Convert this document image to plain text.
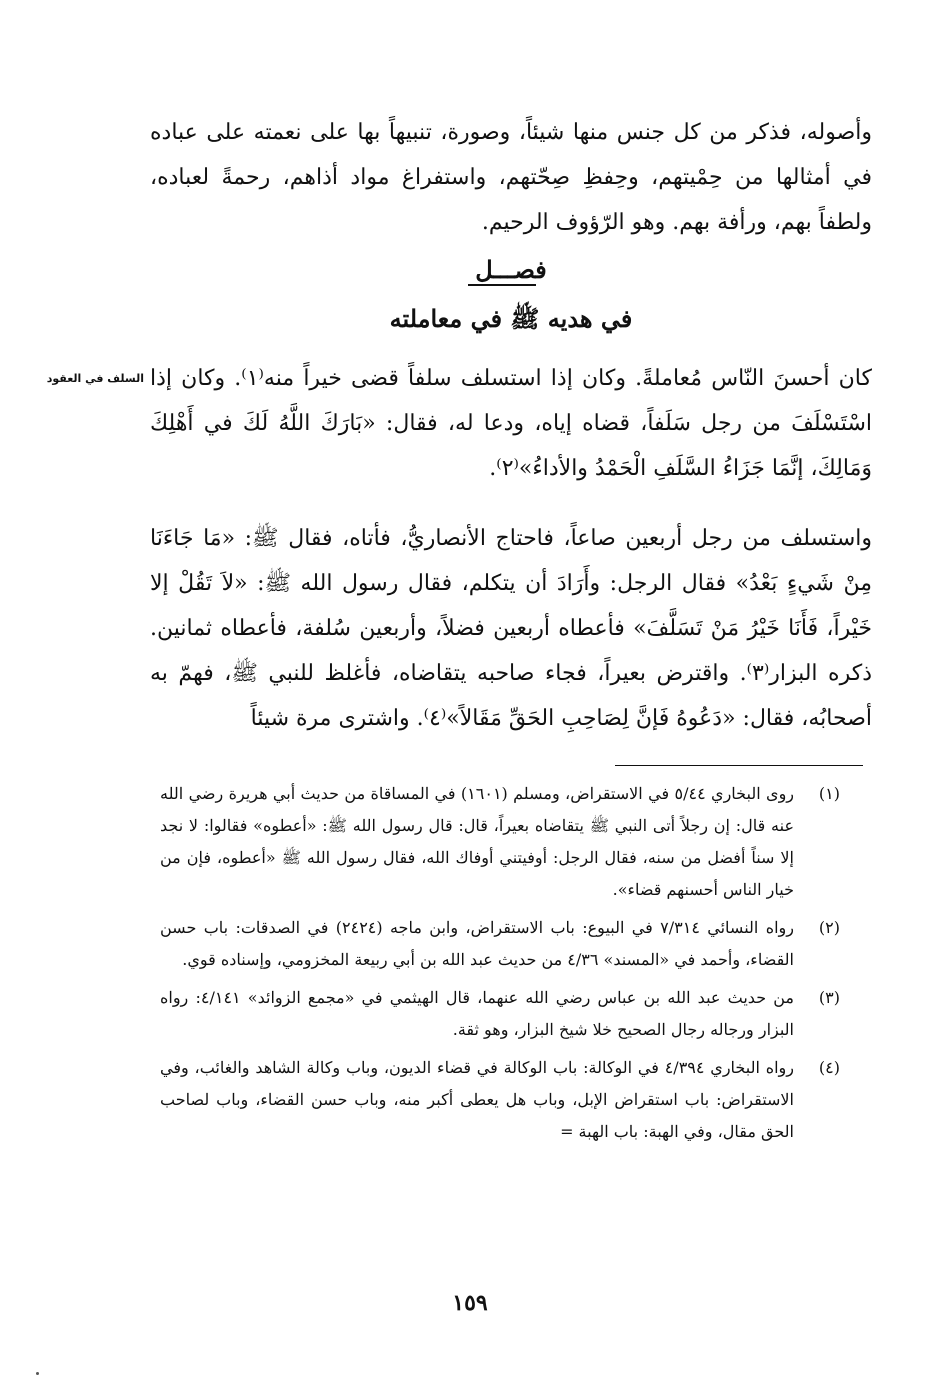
وأصوله، فذكر من كل جنس منها شيئاً، وصورة، تنبيهاً بها على نعمته على عباده في أمثالها من حِمْيتهم، وحِفظِ صِحّتهم، واستفراغ مواد أذاهم، رحمةً لعباده، ولطفاً بهم، ورأفة بهم. وهو الرّؤوف الرحيم.

فصـــل
في هديه ﷺ في معاملته
السلف في العقود كان أحسنَ النّاس مُعاملةً. وكان إذا استسلف سلفاً قضى خيراً منه⁽١⁾. وكان إذا اسْتَسْلَفَ من رجل سَلَفاً، قضاه إياه، ودعا له، فقال: «بَارَكَ اللَّهُ لَكَ في أَهْلِكَ وَمَالِكَ، إنَّمَا جَزَاءُ السَّلَفِ الْحَمْدُ والأداءُ»⁽٢⁾.

واستسلف من رجل أربعين صاعاً، فاحتاج الأنصاريُّ، فأتاه، فقال ﷺ: «مَا جَاءَنَا مِنْ شَيءٍ بَعْدُ» فقال الرجل: وأَرَادَ أن يتكلم، فقال رسول الله ﷺ: «لاَ تَقُلْ إلا خَيْراً، فَأَنَا خَيْرُ مَنْ تَسَلَّفَ» فأعطاه أربعين فضلاً، وأربعين سُلفة، فأعطاه ثمانين. ذكره البزار⁽٣⁾. واقترض بعيراً، فجاء صاحبه يتقاضاه، فأغلظ للنبي ﷺ، فهمّ به أصحابُه، فقال: «دَعُوهُ فَإنَّ لِصَاحِبِ الحَقِّ مَقَالاً»⁽٤⁾. واشترى مرة شيئاً

(١)
روى البخاري ٥/٤٤ في الاستقراض، ومسلم (١٦٠١) في المساقاة من حديث أبي هريرة رضي الله عنه قال: إن رجلاً أتى النبي ﷺ يتقاضاه بعيراً، قال: قال رسول الله ﷺ: «أعطوه» فقالوا: لا نجد إلا سناً أفضل من سنه، فقال الرجل: أوفيتني أوفاك الله، فقال رسول الله ﷺ «أعطوه، فإن من خيار الناس أحسنهم قضاء».
(٢)
رواه النسائي ٧/٣١٤ في البيوع: باب الاستقراض، وابن ماجه (٢٤٢٤) في الصدقات: باب حسن القضاء، وأحمد في «المسند» ٤/٣٦ من حديث عبد الله بن أبي ربيعة المخزومي، وإسناده قوي.
(٣)
من حديث عبد الله بن عباس رضي الله عنهما، قال الهيثمي في «مجمع الزوائد» ٤/١٤١: رواه البزار ورجاله رجال الصحيح خلا شيخ البزار، وهو ثقة.
(٤)
رواه البخاري ٤/٣٩٤ في الوكالة: باب الوكالة في قضاء الديون، وباب وكالة الشاهد والغائب، وفي الاستقراض: باب استقراض الإبل، وباب هل يعطى أكبر منه، وباب حسن القضاء، وباب لصاحب الحق مقال، وفي الهبة: باب الهبة =
١٥٩
